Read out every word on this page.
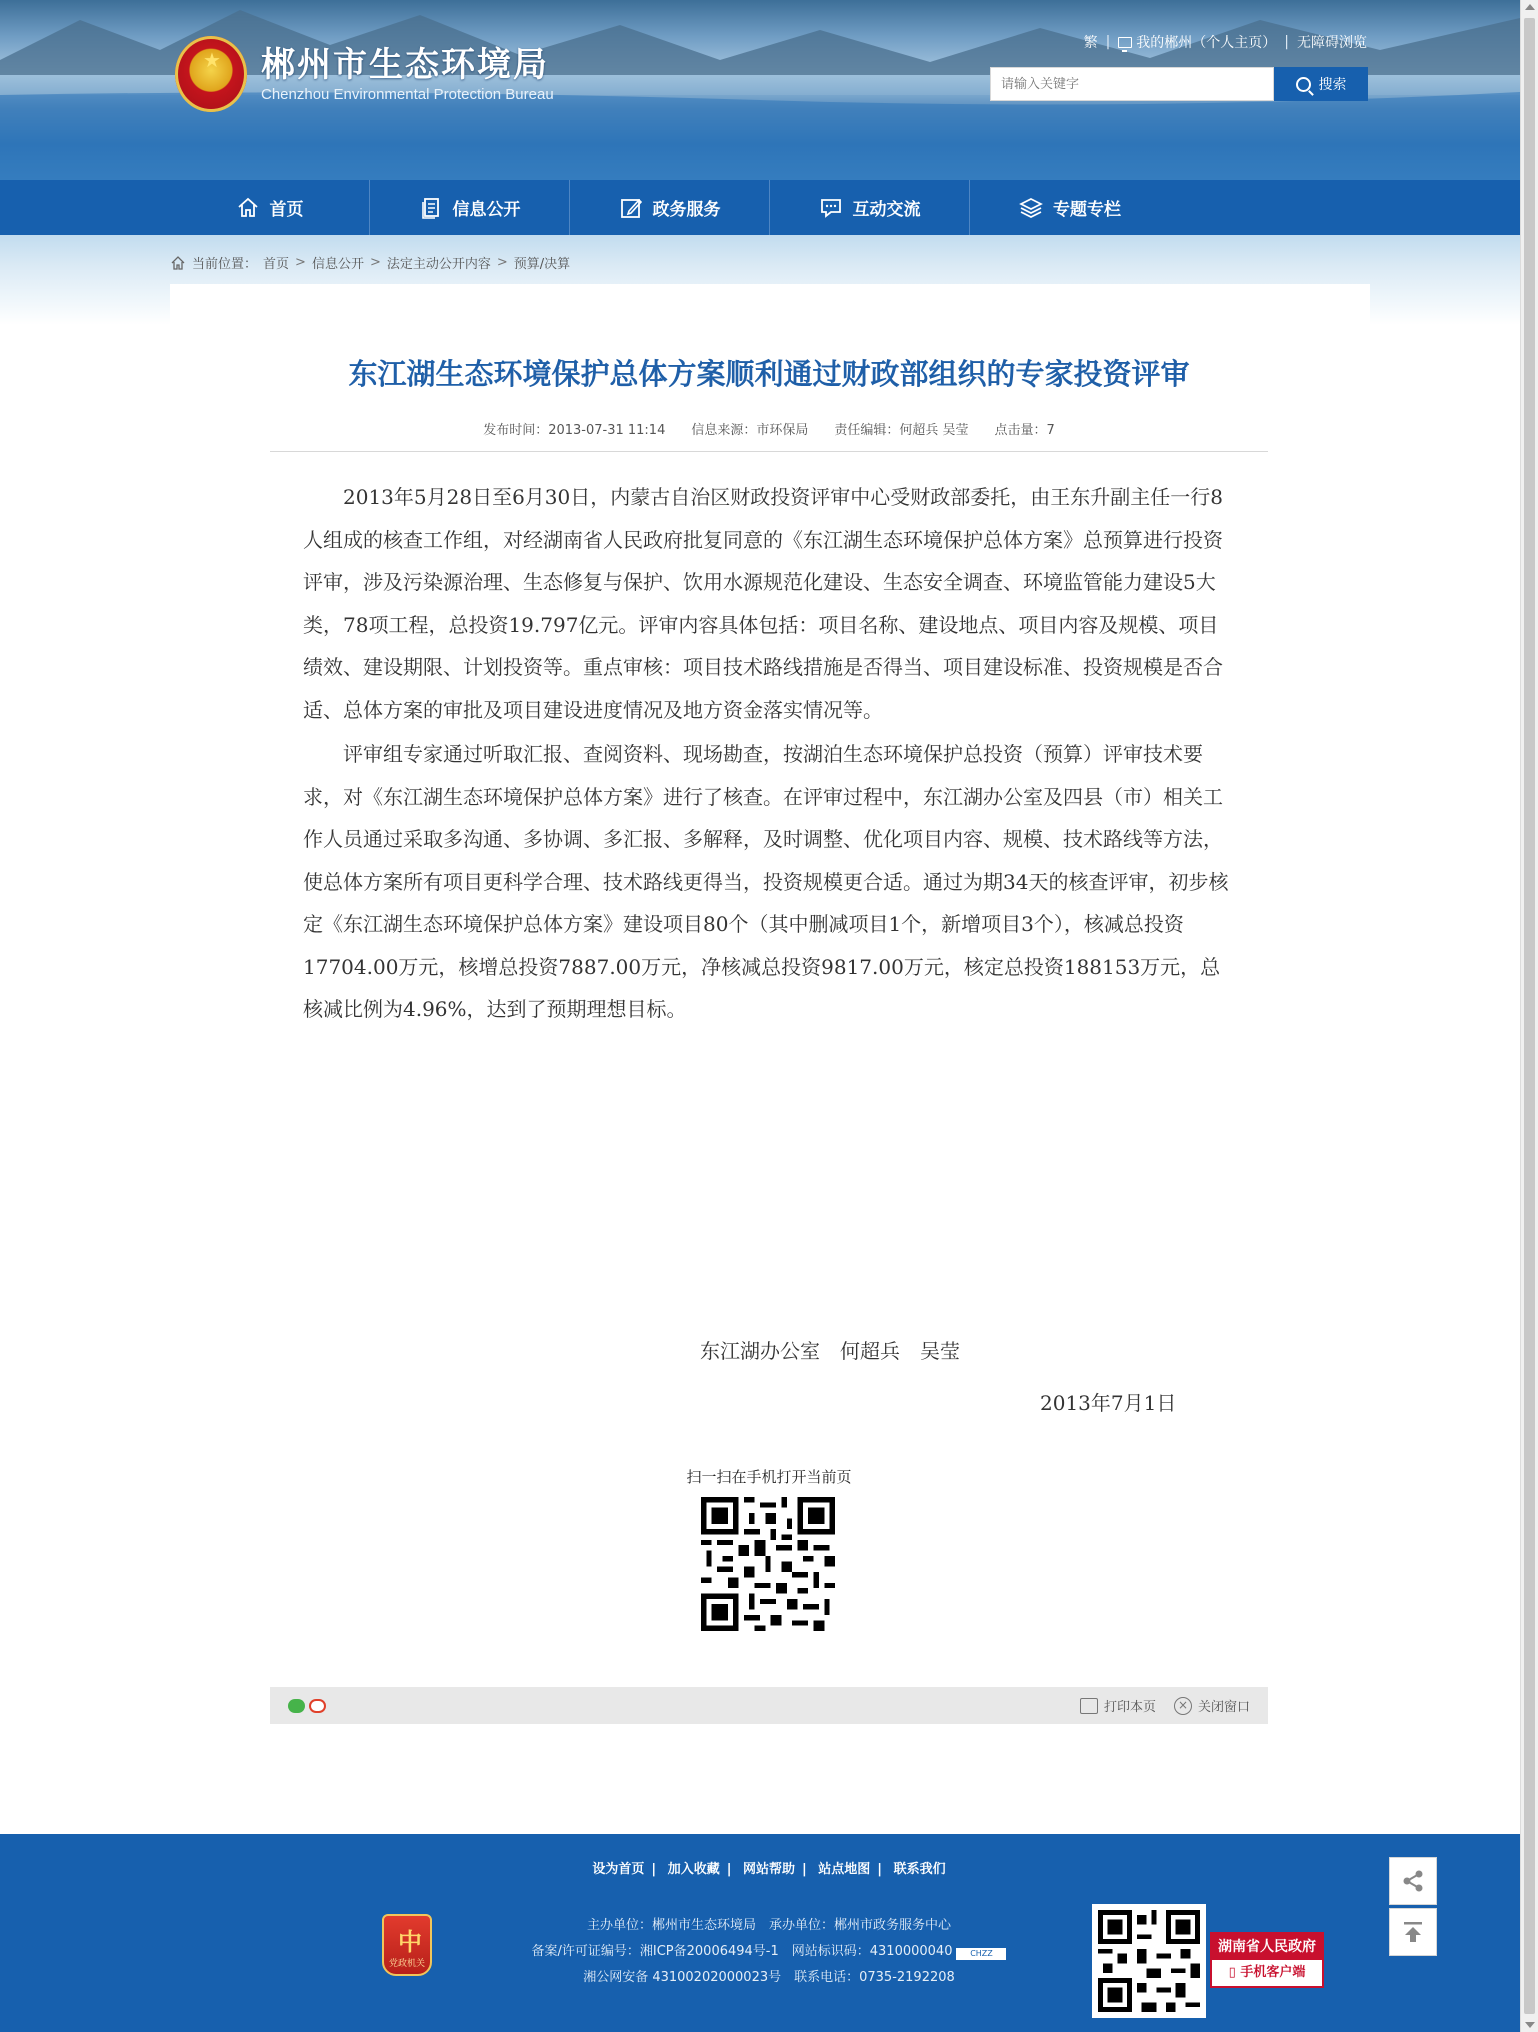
★ 郴州市生态环境局
Chenzhou Environmental Protection Bureau
繁 |	我的郴州（个人主页） | 无障碍浏览
请输入关键字
搜索
首页	信息公开	政务服务	互动交流	专题专栏
当前位置： 首页 > 信息公开 > 法定主动公开内容 > 预算/决算
东江湖生态环境保护总体方案顺利通过财政部组织的专家投资评审
发布时间：2013-07-31 11:14 信息来源：市环保局 责任编辑：何超兵 吴莹 点击量：7

2013年5月28日至6月30日，内蒙古自治区财政投资评审中心受财政部委托，由王东升副主任一行8人组成的核查工作组，对经湖南省人民政府批复同意的《东江湖生态环境保护总体方案》总预算进行投资评审，涉及污染源治理、生态修复与保护、饮用水源规范化建设、生态安全调查、环境监管能力建设5大类，78项工程，总投资19.797亿元。评审内容具体包括：项目名称、建设地点、项目内容及规模、项目绩效、建设期限、计划投资等。重点审核：项目技术路线措施是否得当、项目建设标准、投资规模是否合适、总体方案的审批及项目建设进度情况及地方资金落实情况等。

评审组专家通过听取汇报、查阅资料、现场勘查，按湖泊生态环境保护总投资（预算）评审技术要求，对《东江湖生态环境保护总体方案》进行了核查。在评审过程中，东江湖办公室及四县（市）相关工作人员通过采取多沟通、多协调、多汇报、多解释，及时调整、优化项目内容、规模、技术路线等方法，使总体方案所有项目更科学合理、技术路线更得当，投资规模更合适。通过为期34天的核查评审，初步核定《东江湖生态环境保护总体方案》建设项目80个（其中删减项目1个，新增项目3个），核减总投资17704.00万元，核增总投资7887.00万元，净核减总投资9817.00万元，核定总投资188153万元，总核减比例为4.96%，达到了预期理想目标。

东江湖办公室　何超兵　吴莹
2013年7月1日
扫一扫在手机打开当前页
打印本页	× 关闭窗口
设为首页 | 加入收藏 | 网站帮助 | 站点地图 | 联系我们
中
党政机关
主办单位：郴州市生态环境局　承办单位：郴州市政务服务中心
备案/许可证编号：湘ICP备20006494号-1　网站标识码：4310000040 CHZZ
湘公网安备 43100202000023号　联系电话：0735-2192208
湖南省人民政府
▯ 手机客户端
